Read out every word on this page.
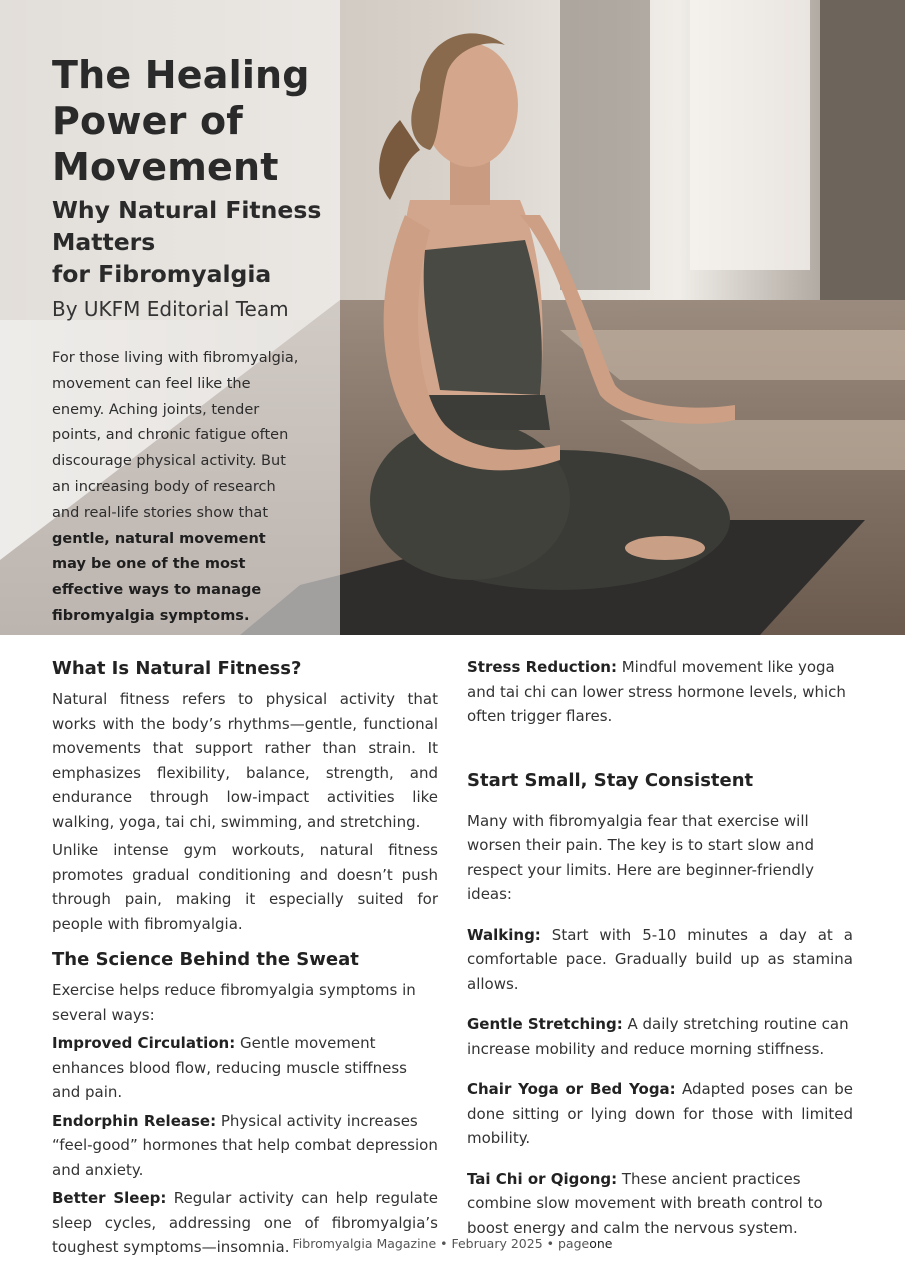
The Healing Power of Movement

Why Natural Fitness Matters
for Fibromyalgia

By UKFM Editorial Team

For those living with fibromyalgia, movement can feel like the enemy. Aching joints, tender points, and chronic fatigue often discourage physical activity. But an increasing body of research and real-life stories show that gentle, natural movement may be one of the most effective ways to manage fibromyalgia symptoms.

What Is Natural Fitness?

Natural fitness refers to physical activity that works with the body’s rhythms—gentle, functional movements that support rather than strain. It emphasizes flexibility, balance, strength, and endurance through low-impact activities like walking, yoga, tai chi, swimming, and stretching.

Unlike intense gym workouts, natural fitness promotes gradual conditioning and doesn’t push through pain, making it especially suited for people with fibromyalgia.

The Science Behind the Sweat

Exercise helps reduce fibromyalgia symptoms in several ways:

Improved Circulation: Gentle movement enhances blood flow, reducing muscle stiffness and pain.

Endorphin Release: Physical activity increases “feel-good” hormones that help combat depression and anxiety.

Better Sleep: Regular activity can help regulate sleep cycles, addressing one of fibromyalgia’s toughest symptoms—insomnia.

Stress Reduction: Mindful movement like yoga and tai chi can lower stress hormone levels, which often trigger flares.

Start Small, Stay Consistent

Many with fibromyalgia fear that exercise will worsen their pain. The key is to start slow and respect your limits. Here are beginner-friendly ideas:

Walking: Start with 5-10 minutes a day at a comfortable pace. Gradually build up as stamina allows.

Gentle Stretching: A daily stretching routine can increase mobility and reduce morning stiffness.

Chair Yoga or Bed Yoga: Adapted poses can be done sitting or lying down for those with limited mobility.

Tai Chi or Qigong: These ancient practices combine slow movement with breath control to boost energy and calm the nervous system.

Fibromyalgia Magazine • February 2025 • pageone
